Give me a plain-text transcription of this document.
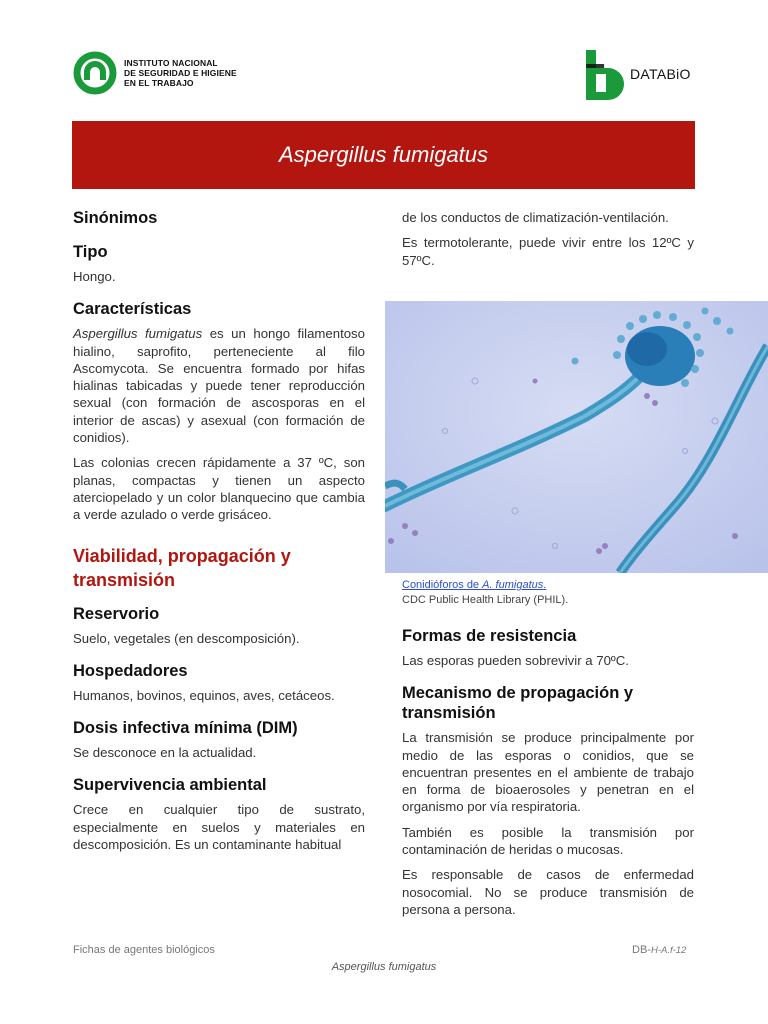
INSTITUTO NACIONAL
DE SEGURIDAD E HIGIENE
EN EL TRABAJO
DATABiO
Aspergillus fumigatus
Sinónimos
Tipo

Hongo.

Características

Aspergillus fumigatus es un hongo filamentoso hialino, saprofito, perteneciente al filo Ascomycota. Se encuentra formado por hifas hialinas tabicadas y puede tener reproducción sexual (con formación de ascosporas en el interior de ascas) y asexual (con formación de conidios).

Las colonias crecen rápidamente a 37 ºC, son planas, compactas y tienen un aspecto aterciopelado y un color blanquecino que cambia a verde azulado o verde grisáceo.

Viabilidad, propagación y transmisión
Reservorio

Suelo, vegetales (en descomposición).

Hospedadores

Humanos, bovinos, equinos, aves, cetáceos.

Dosis infectiva mínima (DIM)

Se desconoce en la actualidad.

Supervivencia ambiental

Crece en cualquier tipo de sustrato, especialmente en suelos y materiales en descomposición. Es un contaminante habitual

de los conductos de climatización-ventilación.

Es termotolerante, puede vivir entre los 12ºC y 57ºC.

Conidióforos de A. fumigatus.
CDC Public Health Library (PHIL).
Formas de resistencia

Las esporas pueden sobrevivir a 70ºC.

Mecanismo de propagación y transmisión

La transmisión se produce principalmente por medio de las esporas o conidios, que se encuentran presentes en el ambiente de trabajo en forma de bioaerosoles y penetran en el organismo por vía respiratoria.

También es posible la transmisión por contaminación de heridas o mucosas.

Es responsable de casos de enfermedad nosocomial. No se produce transmisión de persona a persona.

Fichas de agentes biológicos	DB-H-A.f-12
Aspergillus fumigatus
